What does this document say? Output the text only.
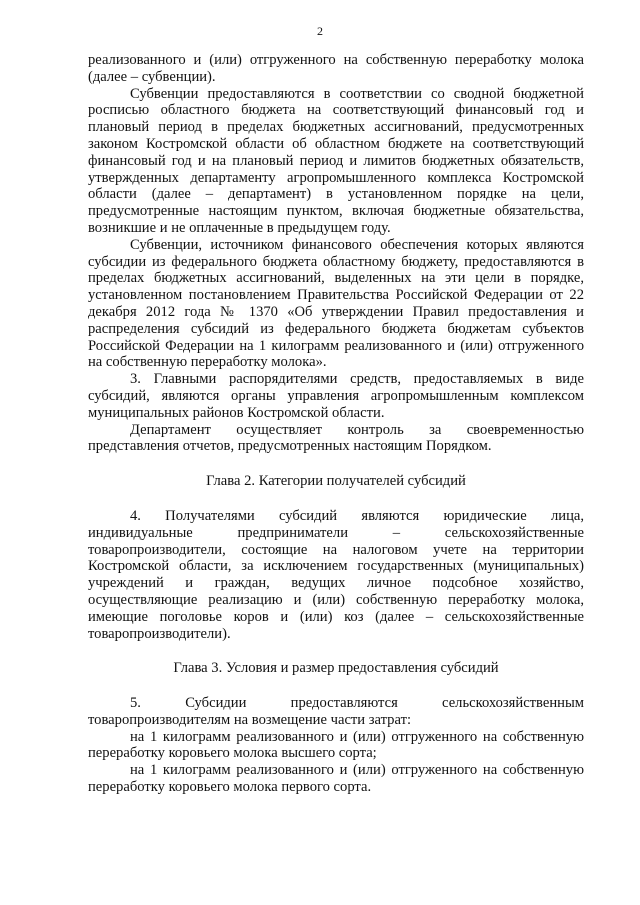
2

реализованного и (или) отгруженного на собственную переработку молока (далее – субвенции).

Субвенции предоставляются в соответствии со сводной бюджетной росписью областного бюджета на соответствующий финансовый год и плановый период в пределах бюджетных ассигнований, предусмотренных законом Костромской области об областном бюджете на соответствующий финансовый год и на плановый период и лимитов бюджетных обязательств, утвержденных департаменту агропромышленного комплекса Костромской области (далее – департамент) в установленном порядке на цели, предусмотренные настоящим пунктом, включая бюджетные обязательства, возникшие и не оплаченные в предыдущем году.

Субвенции, источником финансового обеспечения которых являются субсидии из федерального бюджета областному бюджету, предоставляются в пределах бюджетных ассигнований, выделенных на эти цели в порядке, установленном постановлением Правительства Российской Федерации от 22 декабря 2012 года № 1370 «Об утверждении Правил предоставления и распределения субсидий из федерального бюджета бюджетам субъектов Российской Федерации на 1 килограмм реализованного и (или) отгруженного на собственную переработку молока».

3. Главными распорядителями средств, предоставляемых в виде субсидий, являются органы управления агропромышленным комплексом муниципальных районов Костромской области.

Департамент осуществляет контроль за своевременностью представления отчетов, предусмотренных настоящим Порядком.

Глава 2. Категории получателей субсидий

4. Получателями субсидий являются юридические лица, индивидуальные предприниматели – сельскохозяйственные товаропроизводители, состоящие на налоговом учете на территории Костромской области, за исключением государственных (муниципальных) учреждений и граждан, ведущих личное подсобное хозяйство, осуществляющие реализацию и (или) собственную переработку молока, имеющие поголовье коров и (или) коз (далее – сельскохозяйственные товаропроизводители).

Глава 3. Условия и размер предоставления субсидий

5. Субсидии предоставляются сельскохозяйственным товаропроизводителям на возмещение части затрат:

на 1 килограмм реализованного и (или) отгруженного на собственную переработку коровьего молока высшего сорта;

на 1 килограмм реализованного и (или) отгруженного на собственную переработку коровьего молока первого сорта.
